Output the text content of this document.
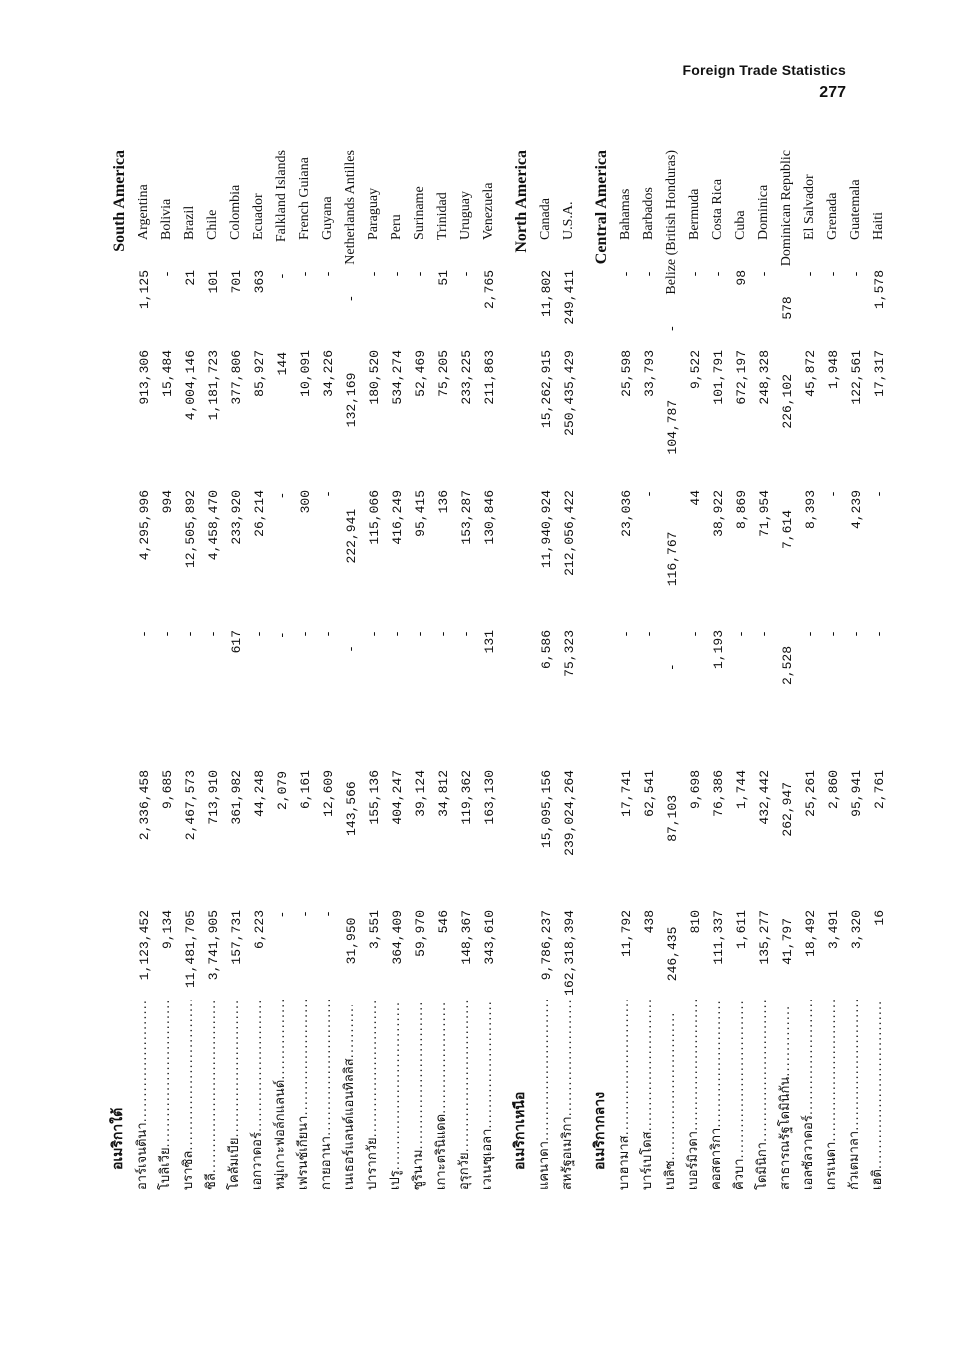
Foreign Trade Statistics
277
อเมริกาใต้
South America
อาร์เจนตินา .....
1,123,452
2,336,458
-
4,295,996
913,306
1,125
Argentina
โบลิเวีย .....
9,134
9,685
-
994
15,484
-
Bolivia
บราซิล .....
11,481,705
2,467,573
-
12,505,892
4,004,146
21
Brazil
ชิลี .....
3,741,905
713,910
-
4,458,470
1,181,723
101
Chile
โคลัมเบีย .....
157,731
361,982
617
233,920
377,806
701
Colombia
เอกวาดอร์ .....
6,223
44,248
-
26,214
85,927
363
Ecuador
หมู่เกาะฟอล์กแลนด์ .....
-
2,079
-
-
144
-
Falkland Islands
เฟรนช์เกียนา .....
-
6,161
-
300
10,091
-
French Guiana
กายอานา .....
-
12,609
-
-
34,226
-
Guyana
เนเธอร์แลนด์แอนทิลลิส .....
31,950
143,566
-
222,941
132,169
-
Netherlands Antilles
ปารากวัย .....
3,551
155,136
-
115,066
180,520
-
Paraguay
เปรู .....
364,409
404,247
-
416,249
534,274
-
Peru
ซูรินาม .....
59,970
39,124
-
95,415
52,469
-
Suriname
เกาะตรินิแดด .....
546
34,812
-
136
75,205
51
Trinidad
อุรุกวัย .....
148,367
119,362
-
153,287
233,225
-
Uruguay
เวเนซุเอลา .....
343,610
163,130
131
130,846
211,863
2,765
Venezuela
อเมริกาเหนือ
North America
แคนาดา .....
9,786,237
15,095,156
6,586
11,940,924
15,262,915
11,802
Canada
สหรัฐอเมริกา .....
162,318,394
239,024,264
75,323
212,056,422
250,435,429
249,411
U.S.A.
อเมริกากลาง
Central America
บาฮามาส .....
11,792
17,741
-
23,036
25,598
-
Bahamas
บาร์เบโดส .....
438
62,541
-
-
33,793
-
Barbados
เบลิซ .....
246,435
87,103
-
116,767
104,787
-
Belize (British Honduras)
เบอร์มิวดา .....
810
9,698
-
44
9,522
-
Bermuda
คอสตาริกา .....
111,337
76,386
1,193
38,922
101,791
-
Costa Rica
คิวบา .....
1,611
1,744
-
8,869
672,197
98
Cuba
โดมินิกา .....
135,277
432,442
-
71,954
248,328
-
Dominica
สาธารณรัฐโดมินิกัน .....
41,797
262,947
2,528
7,614
226,102
578
Dominican Republic
เอลซัลวาดอร์ .....
18,492
25,261
-
8,393
45,872
-
El Salvador
เกรเนดา .....
3,491
2,860
-
-
1,948
-
Grenada
กัวเตมาลา .....
3,320
95,941
-
4,239
122,561
-
Guatemala
เฮติ .....
16
2,761
-
-
17,317
1,578
Haiti
